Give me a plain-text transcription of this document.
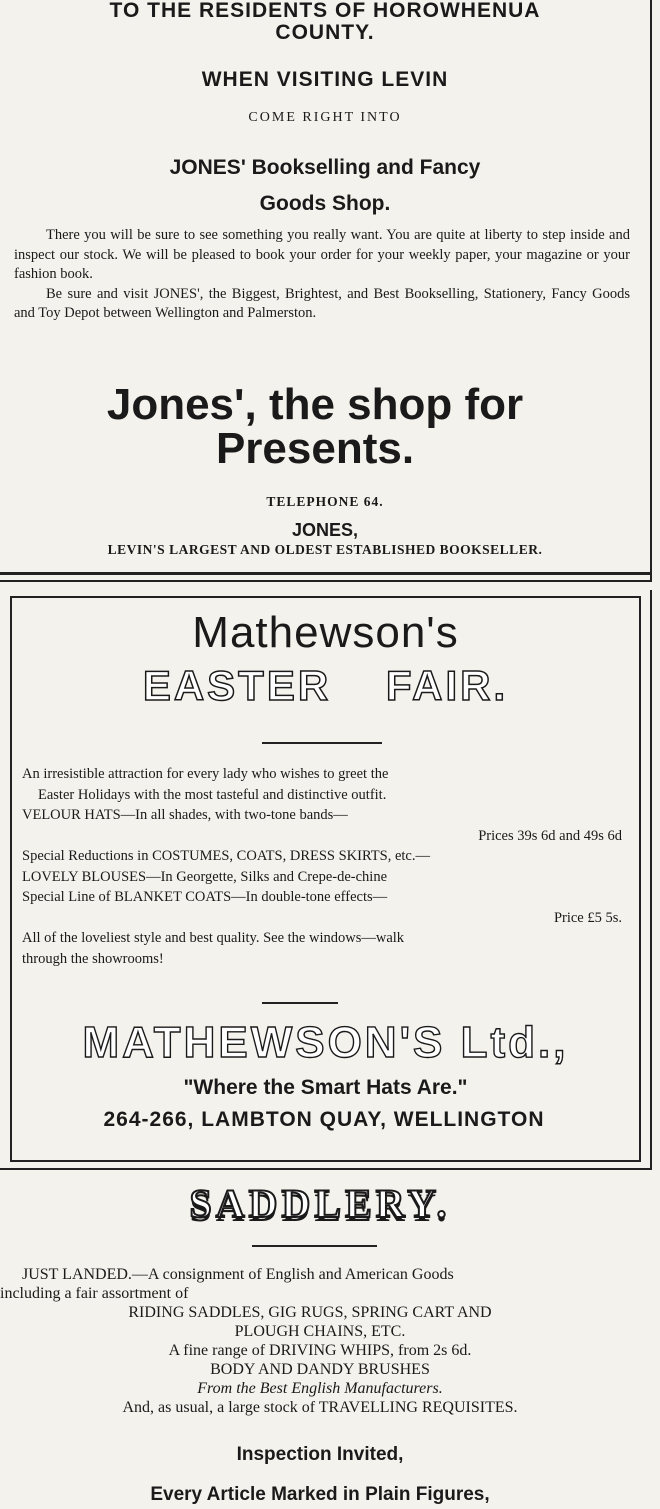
TO THE RESIDENTS OF HOROWHENUA
COUNTY.
WHEN VISITING LEVIN
COME RIGHT INTO
JONES' Bookselling and Fancy
Goods Shop.

There you will be sure to see something you really want. You are quite at liberty to step inside and inspect our stock. We will be pleased to book your order for your weekly paper, your magazine or your fashion book.

Be sure and visit JONES', the Biggest, Brightest, and Best Bookselling, Stationery, Fancy Goods and Toy Depot between Wellington and Palmerston.

Jones', the shop for
Presents.
TELEPHONE 64.
JONES,
LEVIN'S LARGEST AND OLDEST ESTABLISHED BOOKSELLER.
Mathewson's
EASTER FAIR.
An irresistible attraction for every lady who wishes to greet the
Easter Holidays with the most tasteful and distinctive outfit.
VELOUR HATS—In all shades, with two-tone bands—
Prices 39s 6d and 49s 6d
Special Reductions in COSTUMES, COATS, DRESS SKIRTS, etc.—
LOVELY BLOUSES—In Georgette, Silks and Crepe-de-chine
Special Line of BLANKET COATS—In double-tone effects—
Price £5 5s.
All of the loveliest style and best quality. See the windows—walk
through the showrooms!
MATHEWSON'S Ltd.,
"Where the Smart Hats Are."
264-266, LAMBTON QUAY, WELLINGTON
SADDLERY.
JUST LANDED.—A consignment of English and American Goods
including a fair assortment of
RIDING SADDLES, GIG RUGS, SPRING CART AND
PLOUGH CHAINS, ETC.
A fine range of DRIVING WHIPS, from 2s 6d.
BODY AND DANDY BRUSHES
From the Best English Manufacturers.
And, as usual, a large stock of TRAVELLING REQUISITES.
Inspection Invited,
Every Article Marked in Plain Figures,
